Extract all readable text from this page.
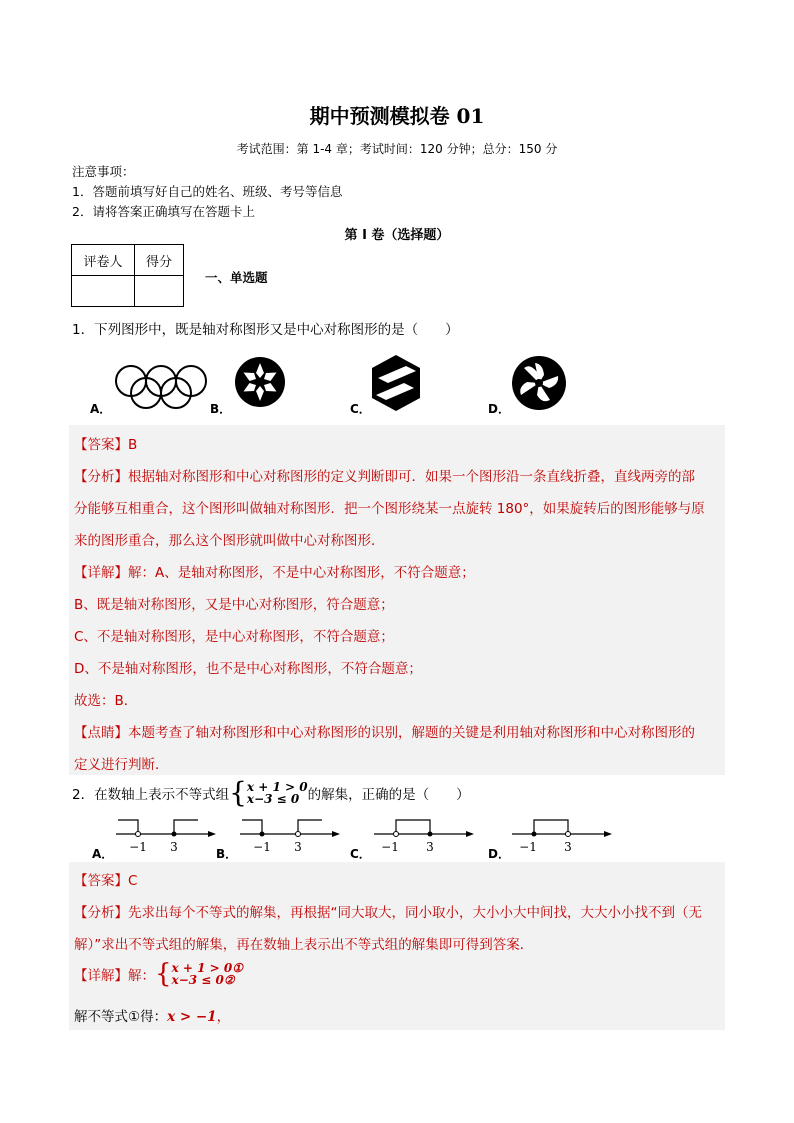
期中预测模拟卷 01
考试范围：第 1-4 章；考试时间：120 分钟；总分：150 分
注意事项：
1．答题前填写好自己的姓名、班级、考号等信息
2．请将答案正确填写在答题卡上
第 I 卷（选择题）
评卷人	得分

一、单选题
1．下列图形中，既是轴对称图形又是中心对称图形的是（　　）
A．	B．	C．	D．
【答案】B
【分析】根据轴对称图形和中心对称图形的定义判断即可．如果一个图形沿一条直线折叠，直线两旁的部
分能够互相重合，这个图形叫做轴对称图形．把一个图形绕某一点旋转 180°，如果旋转后的图形能够与原
来的图形重合，那么这个图形就叫做中心对称图形．
【详解】解：A、是轴对称图形，不是中心对称图形，不符合题意；
B、既是轴对称图形，又是中心对称图形，符合题意；
C、不是轴对称图形，是中心对称图形，不符合题意；
D、不是轴对称图形，也不是中心对称图形，不符合题意；
故选：B．
【点睛】本题考查了轴对称图形和中心对称图形的识别，解题的关键是利用轴对称图形和中心对称图形的
定义进行判断．
2．在数轴上表示不等式组 { x + 1 > 0
x−3 ≤ 0 的解集，正确的是（　　）
A． −1 3	B． −1 3	C． −1 3	D． −1 3
【答案】C
【分析】先求出每个不等式的解集，再根据“同大取大，同小取小，大小小大中间找，大大小小找不到（无
解）”求出不等式组的解集，再在数轴上表示出不等式组的解集即可得到答案．
【详解】 解： { x + 1 > 0①
x−3 ≤ 0②
解不等式①得：x > −1，
